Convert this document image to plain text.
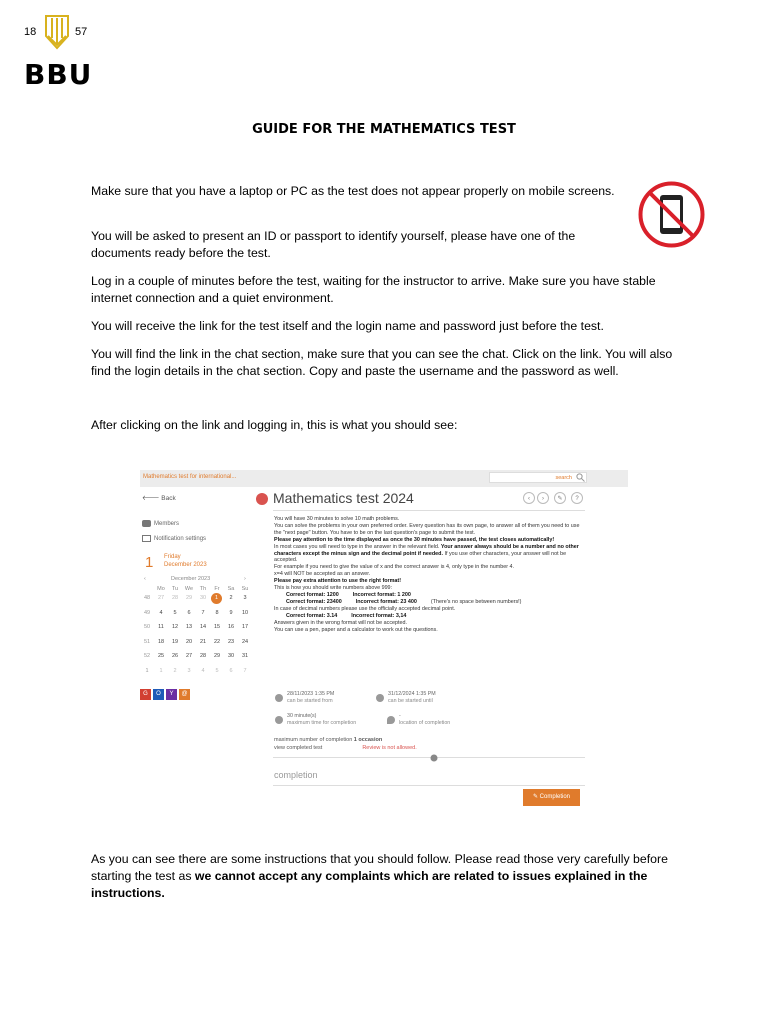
18	57
BBU
GUIDE FOR THE MATHEMATICS TEST

Make sure that you have a laptop or PC as the test does not appear properly on mobile screens.

You will be asked to present an ID or passport to identify yourself, please have one of the documents ready before the test.

Log in a couple of minutes before the test, waiting for the instructor to arrive. Make sure you have stable internet connection and a quiet environment.

You will receive the link for the test itself and the login name and password just before the test.

You will find the link in the chat section, make sure that you can see the chat. Click on the link. You will also find the login details in the chat section. Copy and paste the username and the password as well.

After clicking on the link and logging in, this is what you should see:

Mathematics test for international...	search
🡐 Back
Members
Notification settings
1 Friday
December 2023
‹	December 2023	›
Mo	Tu	We	Th	Fr	Sa	Su
48	27	28	29	30	1	2	3
49	4	5	6	7	8	9	10
50	11	12	13	14	15	16	17
51	18	19	20	21	22	23	24
52	25	26	27	28	29	30	31
1	1	2	3	4	5	6	7
G O Y @
Mathematics test 2024	‹	›	✎	?

You will have 30 minutes to solve 10 math problems.

You can solve the problems in your own preferred order. Every question has its own page, to answer all of them you need to use the "next page" button. You have to be on the last question's page to submit the test.

Please pay attention to the time displayed as once the 30 minutes have passed, the test closes automatically!

In most cases you will need to type in the answer in the relevant field. Your answer always should be a number and no other characters except the minus sign and the decimal point if needed. If you use other characters, your answer will not be accepted.

For example if you need to give the value of x and the correct answer is 4, only type in the number 4.

x=4 will NOT be accepted as an answer.

Please pay extra attention to use the right format!

This is how you should write numbers above 999:

Correct format: 1200	Incorrect format: 1 200

Correct format: 23400	Incorrect format: 23 400	(There's no space between numbers!)

In case of decimal numbers please use the officially accepted decimal point.

Correct format: 3.14	Incorrect format: 3,14

Answers given in the wrong format will not be accepted.

You can use a pen, paper and a calculator to work out the questions.

28/11/2023 1:35 PM
can be started from
31/12/2024 1:35 PM
can be started until
30 minute(s)
maximum time for completion
-
location of completion
maximum number of completion 1 occasion
view completed test	Review is not allowed.
completion
✎ Completion

As you can see there are some instructions that you should follow. Please read those very carefully before starting the test as we cannot accept any complaints which are related to issues explained in the instructions.
